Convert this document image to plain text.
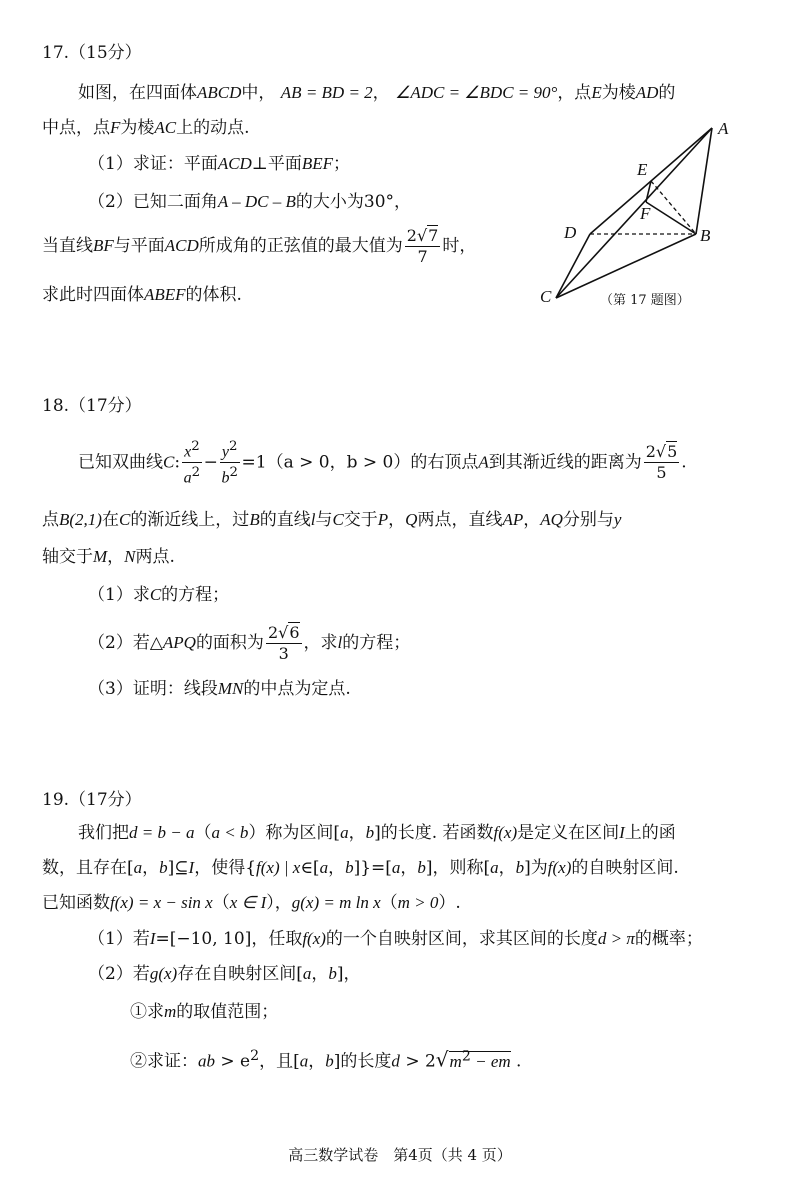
17.（15分）
如图，在四面体ABCD中， AB = BD = 2， ∠ADC = ∠BDC = 90°，点E为棱AD的
中点，点F为棱AC上的动点.
（1）求证：平面ACD⊥平面BEF；
（2）已知二面角A – DC – B的大小为30°，
当直线BF与平面ACD所成角的正弦值的最大值为 $\frac{2√7}{7}$ 时，
求此时四面体ABEF的体积.
A
B
C
D
E
F
（第 17 题图）
18.（17分）
已知双曲线C: $\frac{x^2}{a^2} - \frac{y^2}{b^2} =1(a > 0$，b > 0）的右顶点A到其渐近线的距离为 $\frac{2√5}{5}$ .
点B(2,1)在C的渐近线上，过B的直线l与C交于P，Q两点，直线AP，AQ分别与y
轴交于M，N两点.
（1）求C的方程；
（2）若△APQ的面积为 $\frac{2√6}{3}$ ，求l的方程；
（3）证明：线段MN的中点为定点.
19.（17分）
我们把d = b − a（a < b）称为区间[a，b]的长度. 若函数f(x)是定义在区间I上的函
数，且存在[a，b]⊆I，使得{f(x) | x∈[a，b]}=[a，b]，则称[a，b]为f(x)的自映射区间.
已知函数f(x) = x − sin x（x ∈ I），g(x) = m ln x（m > 0）.
（1）若I=[−10, 10]，任取f(x)的一个自映射区间，求其区间的长度d > π的概率；
（2）若g(x)存在自映射区间[a，b]，
①求m的取值范围；
②求证：ab > $e^2$，且[a，b]的长度$d > 2√m^2$ − em .
高三数学试卷　第4页（共 4 页）
